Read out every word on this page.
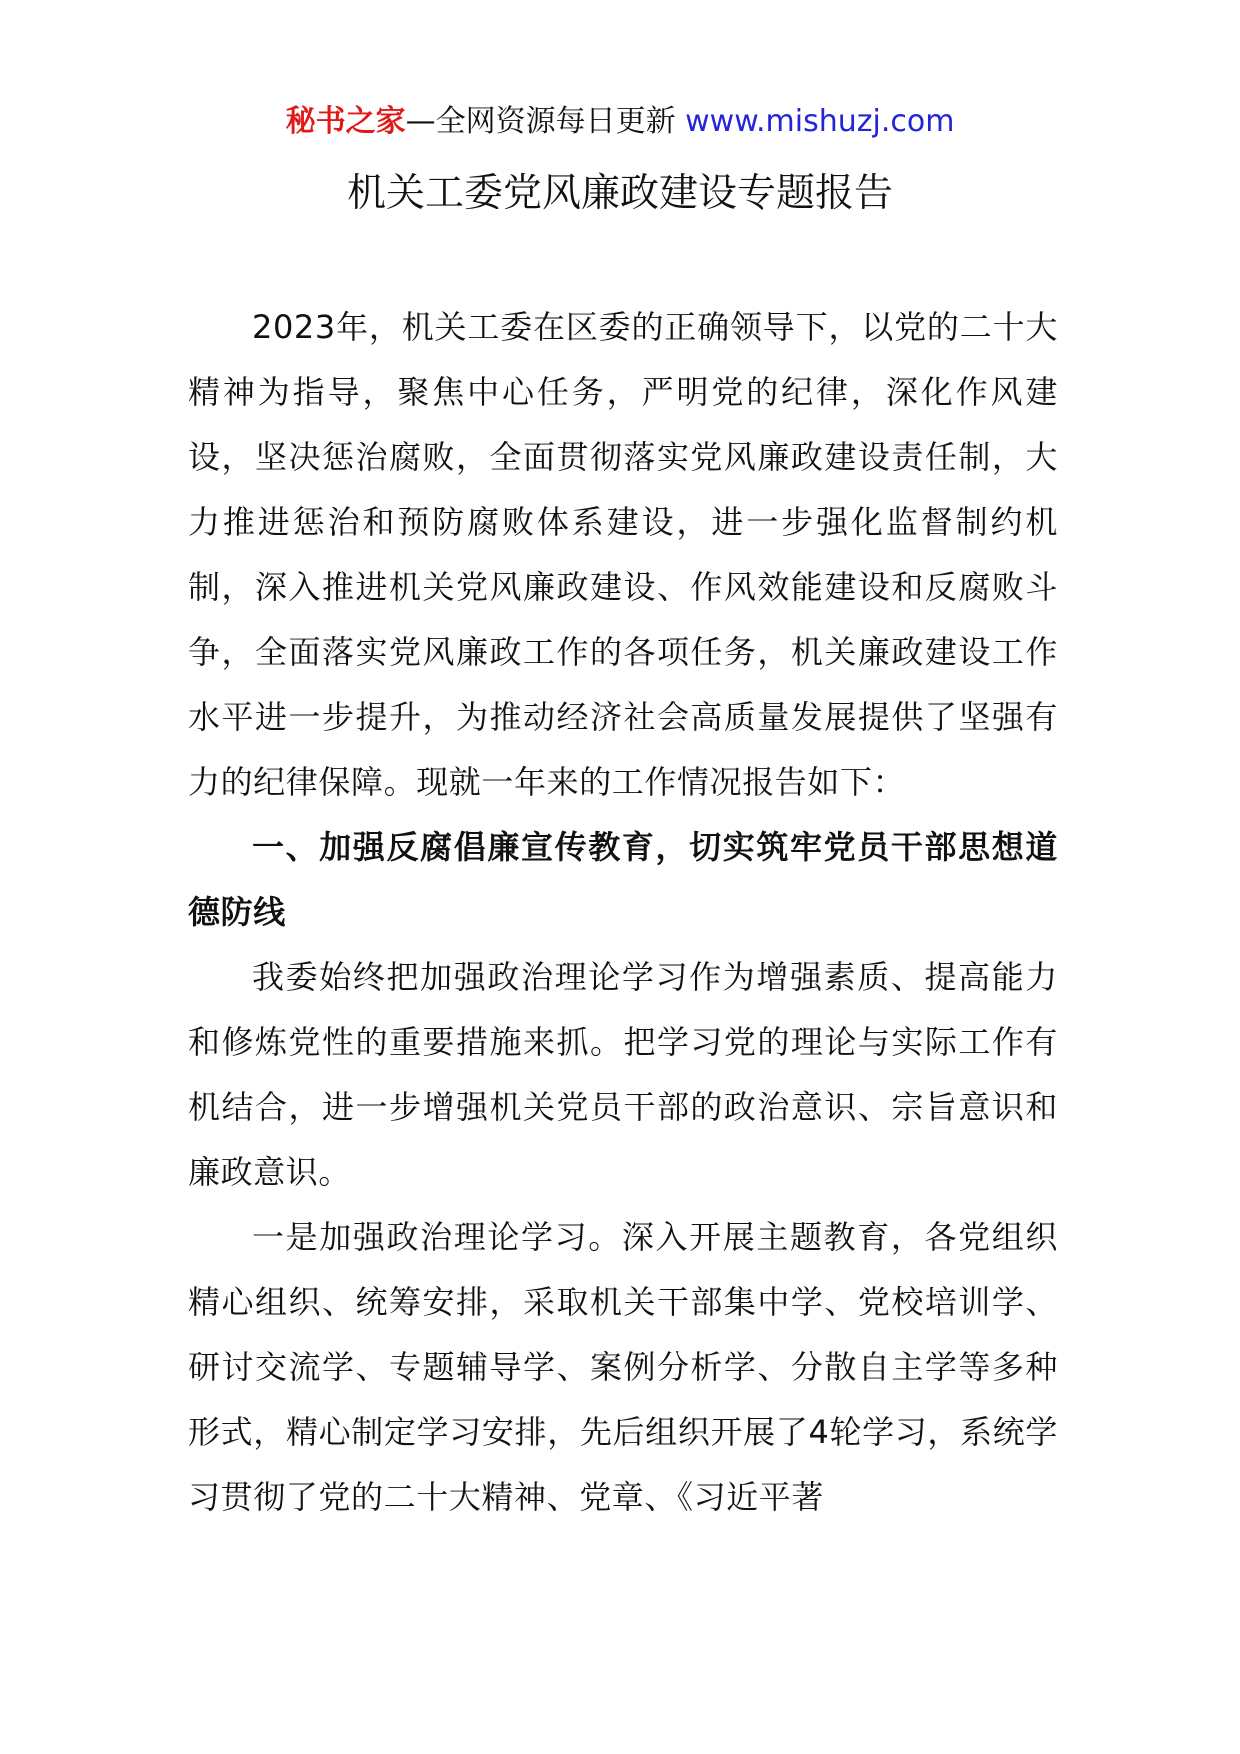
秘书之家—全网资源每日更新 www.mishuzj.com
机关工委党风廉政建设专题报告

2023年，机关工委在区委的正确领导下，以党的二十大精神为指导，聚焦中心任务，严明党的纪律，深化作风建设，坚决惩治腐败，全面贯彻落实党风廉政建设责任制，大力推进惩治和预防腐败体系建设，进一步强化监督制约机制，深入推进机关党风廉政建设、作风效能建设和反腐败斗争，全面落实党风廉政工作的各项任务，机关廉政建设工作水平进一步提升，为推动经济社会高质量发展提供了坚强有力的纪律保障。现就一年来的工作情况报告如下：

一、加强反腐倡廉宣传教育，切实筑牢党员干部思想道德防线

我委始终把加强政治理论学习作为增强素质、提高能力和修炼党性的重要措施来抓。把学习党的理论与实际工作有机结合，进一步增强机关党员干部的政治意识、宗旨意识和廉政意识。

一是加强政治理论学习。深入开展主题教育，各党组织精心组织、统筹安排，采取机关干部集中学、党校培训学、研讨交流学、专题辅导学、案例分析学、分散自主学等多种形式，精心制定学习安排，先后组织开展了4轮学习，系统学习贯彻了党的二十大精神、党章、《习近平著
